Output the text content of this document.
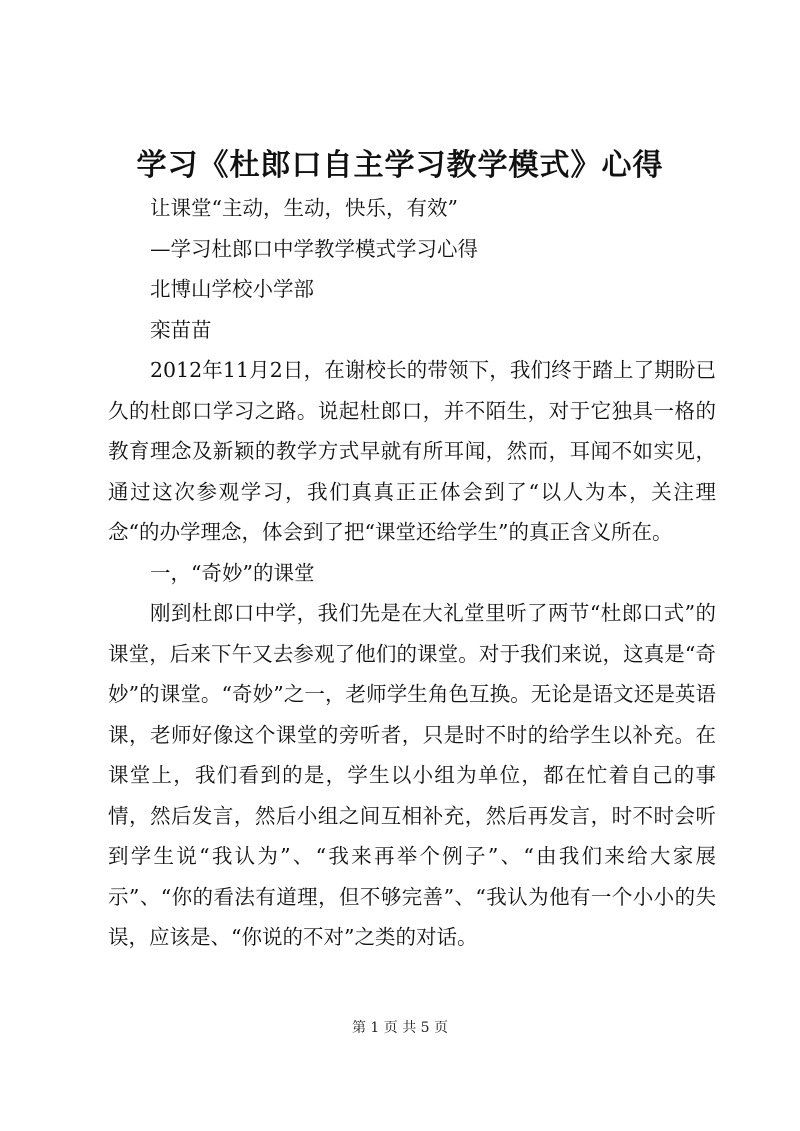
学习《杜郎口自主学习教学模式》心得
让课堂“主动，生动，快乐，有效”
—学习杜郎口中学教学模式学习心得
北博山学校小学部
栾苗苗

2012年11月2日，在谢校长的带领下，我们终于踏上了期盼已久的杜郎口学习之路。说起杜郎口，并不陌生，对于它独具一格的教育理念及新颖的教学方式早就有所耳闻，然而，耳闻不如实见，通过这次参观学习，我们真真正正体会到了“以人为本，关注理念“的办学理念，体会到了把“课堂还给学生”的真正含义所在。

一，“奇妙”的课堂

刚到杜郎口中学，我们先是在大礼堂里听了两节“杜郎口式”的课堂，后来下午又去参观了他们的课堂。对于我们来说，这真是“奇妙”的课堂。“奇妙”之一，老师学生角色互换。无论是语文还是英语课，老师好像这个课堂的旁听者，只是时不时的给学生以补充。在课堂上，我们看到的是，学生以小组为单位，都在忙着自己的事情，然后发言，然后小组之间互相补充，然后再发言，时不时会听到学生说“我认为”、“我来再举个例子”、“由我们来给大家展示”、“你的看法有道理，但不够完善”、“我认为他有一个小小的失误，应该是、“你说的不对”之类的对话。

第 1 页 共 5 页
